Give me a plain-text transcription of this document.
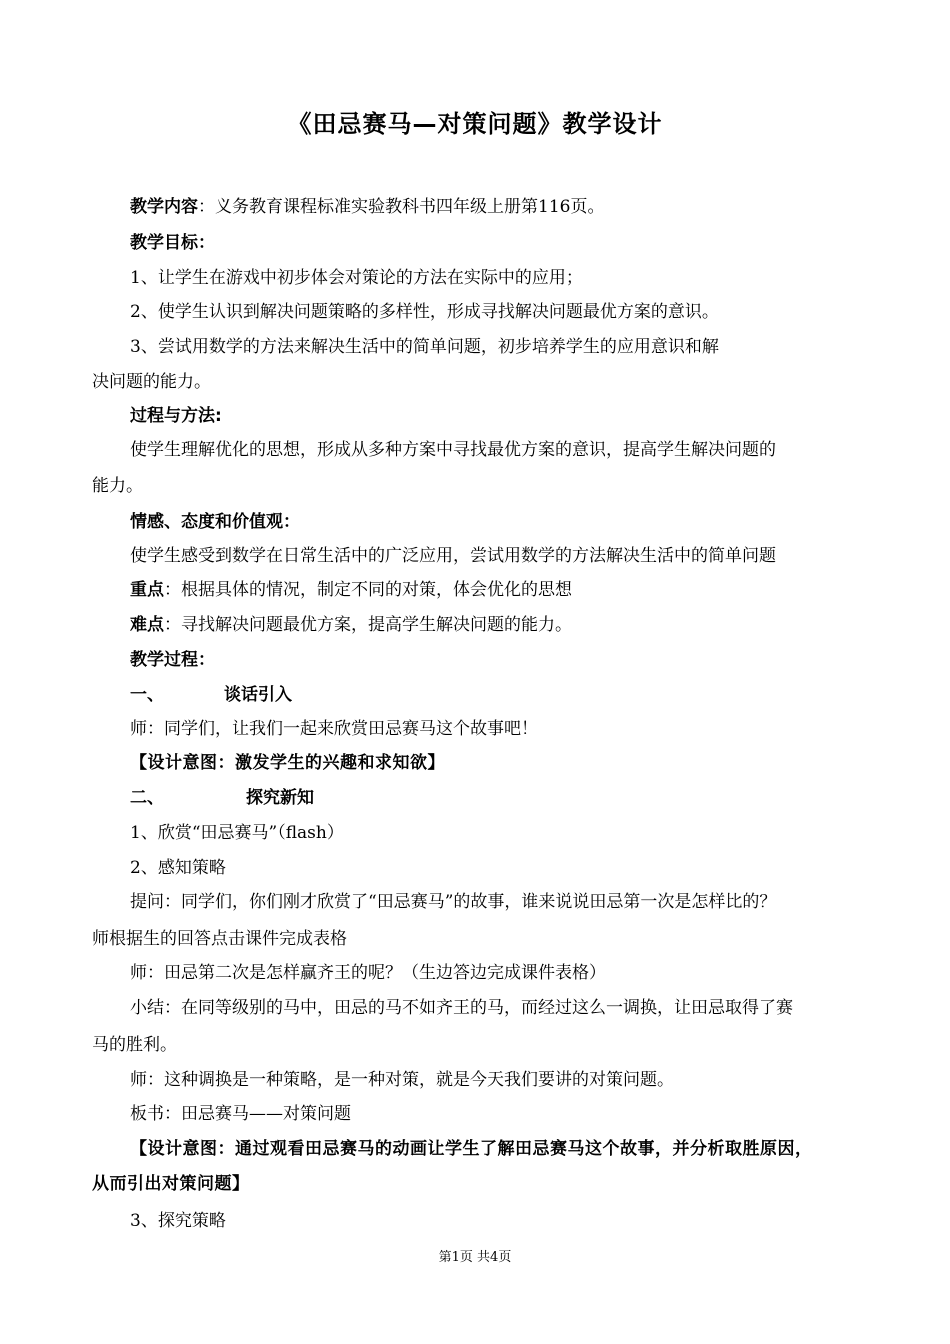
《田忌赛马—对策问题》教学设计
教学内容：义务教育课程标准实验教科书四年级上册第116页。
教学目标：
1、让学生在游戏中初步体会对策论的方法在实际中的应用；
2、使学生认识到解决问题策略的多样性，形成寻找解决问题最优方案的意识。
3、尝试用数学的方法来解决生活中的简单问题，初步培养学生的应用意识和解
决问题的能力。
过程与方法:
使学生理解优化的思想，形成从多种方案中寻找最优方案的意识，提高学生解决问题的
能力。
情感、态度和价值观：
使学生感受到数学在日常生活中的广泛应用，尝试用数学的方法解决生活中的简单问题
重点：根据具体的情况，制定不同的对策，体会优化的思想
难点：寻找解决问题最优方案，提高学生解决问题的能力。
教学过程：
一、	谈话引入
师：同学们，让我们一起来欣赏田忌赛马这个故事吧！
【设计意图：激发学生的兴趣和求知欲】
二、	探究新知
1、欣赏“田忌赛马”（flash）
2、感知策略
提问：同学们，你们刚才欣赏了“田忌赛马”的故事，谁来说说田忌第一次是怎样比的？
师根据生的回答点击课件完成表格
师：田忌第二次是怎样赢齐王的呢？（生边答边完成课件表格）
小结：在同等级别的马中，田忌的马不如齐王的马，而经过这么一调换，让田忌取得了赛
马的胜利。
师：这种调换是一种策略，是一种对策，就是今天我们要讲的对策问题。
板书：田忌赛马——对策问题
【设计意图：通过观看田忌赛马的动画让学生了解田忌赛马这个故事，并分析取胜原因，
从而引出对策问题】
3、探究策略
第1页 共4页
